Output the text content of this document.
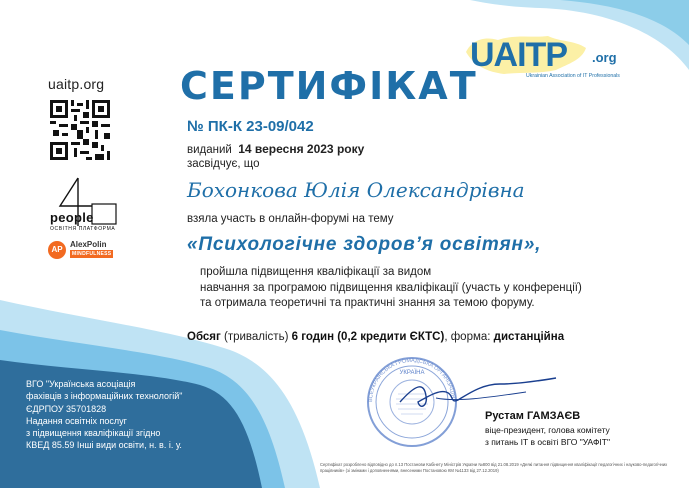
uaitp.org
people
ОСВІТНЯ ПЛАТФОРМА
AP
AlexPolin
MINDFULNESS
ВГО "Українська асоціація
фахівців з інформаційних технологій"
ЄДРПОУ 35701828
Надання освітніх послуг
з підвищення кваліфікації згідно
КВЕД 85.59 Інші види освіти, н. в. і. у.
UAITP .org
Ukrainian Association of IT Professionals
СЕРТИФІКАТ
№ ПК-К 23-09/042
виданий 14 вересня 2023 року
засвідчує, що
Бохонкова Юлія Олександрівна
взяла участь в онлайн-форумі на тему
«Психологічне здоров’я освітян»,
пройшла підвищення кваліфікації за видом
навчання за програмою підвищення кваліфікації (участь у конференції)
та отримала теоретичні та практичні знання за темою форуму.
Обсяг (тривалість) 6 годин (0,2 кредити ЄКТС), форма: дистанційна
ВСЕУКРАЇНСЬКА ГРОМАДСЬКА ОРГАНІЗАЦІЯ
УКРАЇНА
Рустам ГАМЗАЄВ
віце-президент, голова комітету
з питань ІТ в освіті ВГО "УАФІТ"
Сертифікат розроблено відповідно до п.13 Постанови Кабінету Міністрів України №800 від 21.08.2019 «Деякі питання підвищення кваліфікації педагогічних і науково-педагогічних працівників» (зі змінами і доповненнями, внесеними Постановою КМ №1133 від 27.12.2019)
